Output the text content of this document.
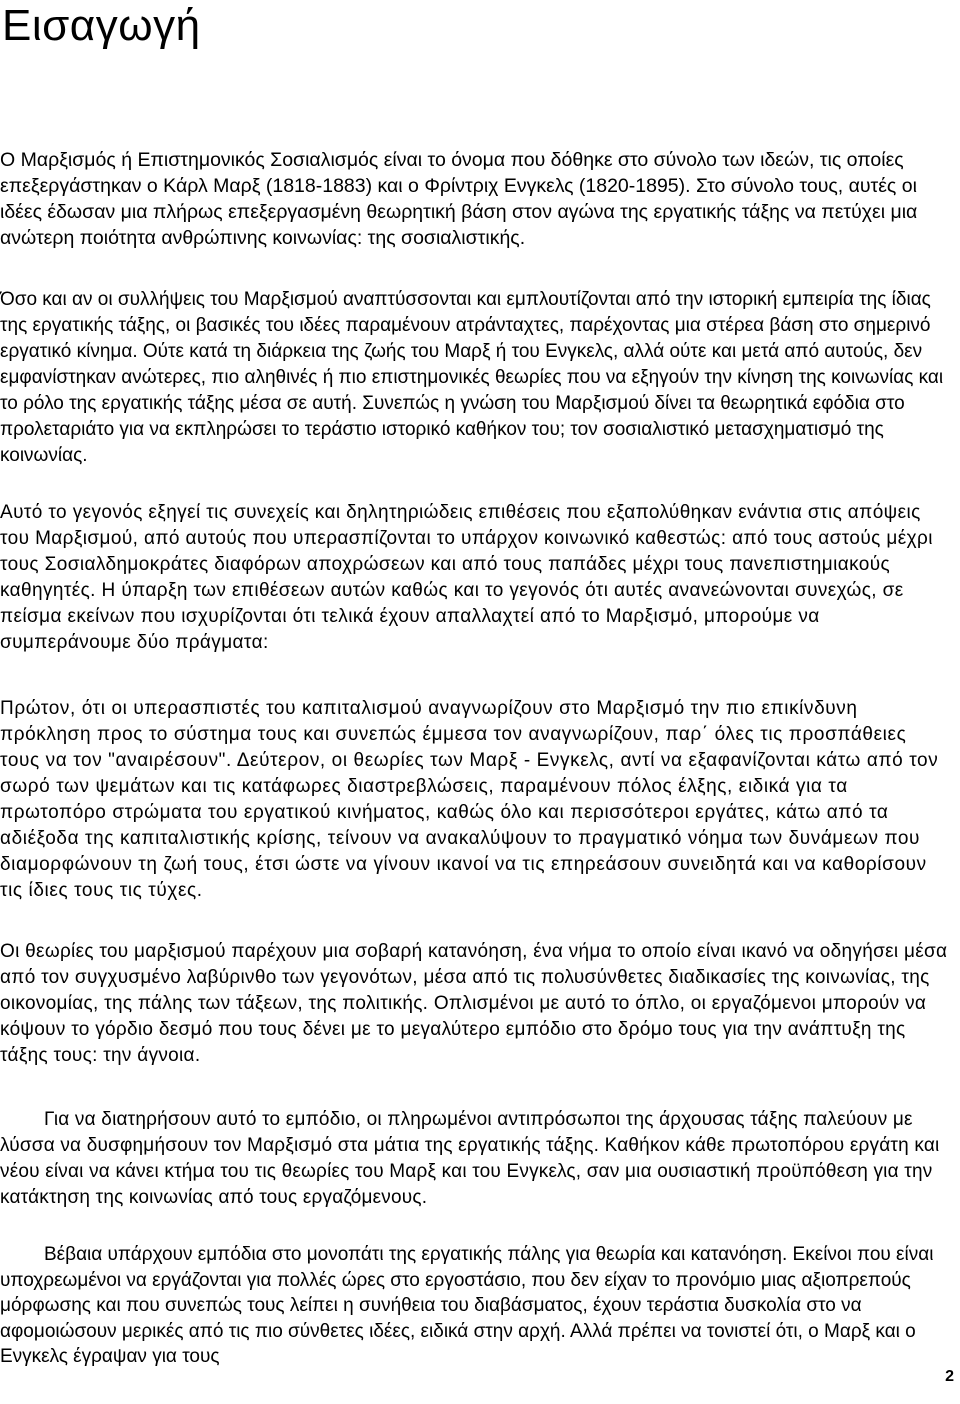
Εισαγωγή

Ο Μαρξισμός ή Επιστημονικός Σοσιαλισμός είναι το όνομα που δόθηκε στο σύνολο των ιδεών, τις οποίες επεξεργάστηκαν ο Κάρλ Μαρξ (1818-1883) και ο Φρίντριχ Ενγκελς (1820-1895). Στο σύνολο τους, αυτές οι ιδέες έδωσαν μια πλήρως επεξεργασμένη θεωρητική βάση στον αγώνα της εργατικής τάξης να πετύχει μια ανώτερη ποιότητα ανθρώπινης κοινωνίας: της σοσιαλιστικής.

Όσο και αν οι συλλήψεις του Μαρξισμού αναπτύσσονται και εμπλουτίζονται από την ιστορική εμπειρία της ίδιας της εργατικής τάξης, οι βασικές του ιδέες παραμένουν ατράνταχτες, παρέχοντας μια στέρεα βάση στο σημερινό εργατικό κίνημα. Ούτε κατά τη διάρκεια της ζωής του Μαρξ ή του Ενγκελς, αλλά ούτε και μετά από αυτούς, δεν εμφανίστηκαν ανώτερες, πιο αληθινές ή πιο επιστημονικές θεωρίες που να εξηγούν την κίνηση της κοινωνίας και το ρόλο της εργατικής τάξης μέσα σε αυτή. Συνεπώς η γνώση του Μαρξισμού δίνει τα θεωρητικά εφόδια στο προλεταριάτο για να εκπληρώσει το τεράστιο ιστορικό καθήκον του; τον σοσιαλιστικό μετασχηματισμό της κοινωνίας.

Αυτό το γεγονός εξηγεί τις συνεχείς και δηλητηριώδεις επιθέσεις που εξαπολύθηκαν ενάντια στις απόψεις του Μαρξισμού, από αυτούς που υπερασπίζονται το υπάρχον κοινωνικό καθεστώς: από τους αστούς μέχρι τους Σοσιαλδημοκράτες διαφόρων αποχρώσεων και από τους παπάδες μέχρι τους πανεπιστημιακούς καθηγητές. Η ύπαρξη των επιθέσεων αυτών καθώς και το γεγονός ότι αυτές ανανεώνονται συνεχώς, σε πείσμα εκείνων που ισχυρίζονται ότι τελικά έχουν απαλλαχτεί από το Μαρξισμό, μπορούμε να συμπεράνουμε δύο πράγματα:

Πρώτον, ότι οι υπερασπιστές του καπιταλισμού αναγνωρίζουν στο Μαρξισμό την πιο επικίνδυνη πρόκληση προς το σύστημα τους και συνεπώς έμμεσα τον αναγνωρίζουν, παρ΄ όλες τις προσπάθειες τους να τον "αναιρέσουν". Δεύτερον, οι θεωρίες των Μαρξ - Ενγκελς, αντί να εξαφανίζονται κάτω από τον σωρό των ψεμάτων και τις κατάφωρες διαστρεβλώσεις, παραμένουν πόλος έλξης, ειδικά για τα πρωτοπόρο στρώματα του εργατικού κινήματος, καθώς όλο και περισσότεροι εργάτες, κάτω από τα αδιέξοδα της καπιταλιστικής κρίσης, τείνουν να ανακαλύψουν το πραγματικό νόημα των δυνάμεων που διαμορφώνουν τη ζωή τους, έτσι ώστε να γίνουν ικανοί να τις επηρεάσουν συνειδητά και να καθορίσουν τις ίδιες τους τις τύχες.

Οι θεωρίες του μαρξισμού παρέχουν μια σοβαρή κατανόηση, ένα νήμα το οποίο είναι ικανό να οδηγήσει μέσα από τον συγχυσμένο λαβύρινθο των γεγονότων, μέσα από τις πολυσύνθετες διαδικασίες της κοινωνίας, της οικονομίας, της πάλης των τάξεων, της πολιτικής. Οπλισμένοι με αυτό το όπλο, οι εργαζόμενοι μπορούν να κόψουν το γόρδιο δεσμό που τους δένει με το μεγαλύτερο εμπόδιο στο δρόμο τους για την ανάπτυξη της τάξης τους: την άγνοια.

Για να διατηρήσουν αυτό το εμπόδιο, οι πληρωμένοι αντιπρόσωποι της άρχουσας τάξης παλεύουν με λύσσα να δυσφημήσουν τον Μαρξισμό στα μάτια της εργατικής τάξης. Καθήκον κάθε πρωτοπόρου εργάτη και νέου είναι να κάνει κτήμα του τις θεωρίες του Μαρξ και του Ενγκελς, σαν μια ουσιαστική προϋπόθεση για την κατάκτηση της κοινωνίας από τους εργαζόμενους.

Βέβαια υπάρχουν εμπόδια στο μονοπάτι της εργατικής πάλης για θεωρία και κατανόηση. Εκείνοι που είναι υποχρεωμένοι να εργάζονται για πολλές ώρες στο εργοστάσιο, που δεν είχαν το προνόμιο μιας αξιοπρεπούς μόρφωσης και που συνεπώς τους λείπει η συνήθεια του διαβάσματος, έχουν τεράστια δυσκολία στο να αφομοιώσουν μερικές από τις πιο σύνθετες ιδέες, ειδικά στην αρχή. Αλλά πρέπει να τονιστεί ότι, ο Μαρξ και ο Ενγκελς έγραψαν για τους

2
